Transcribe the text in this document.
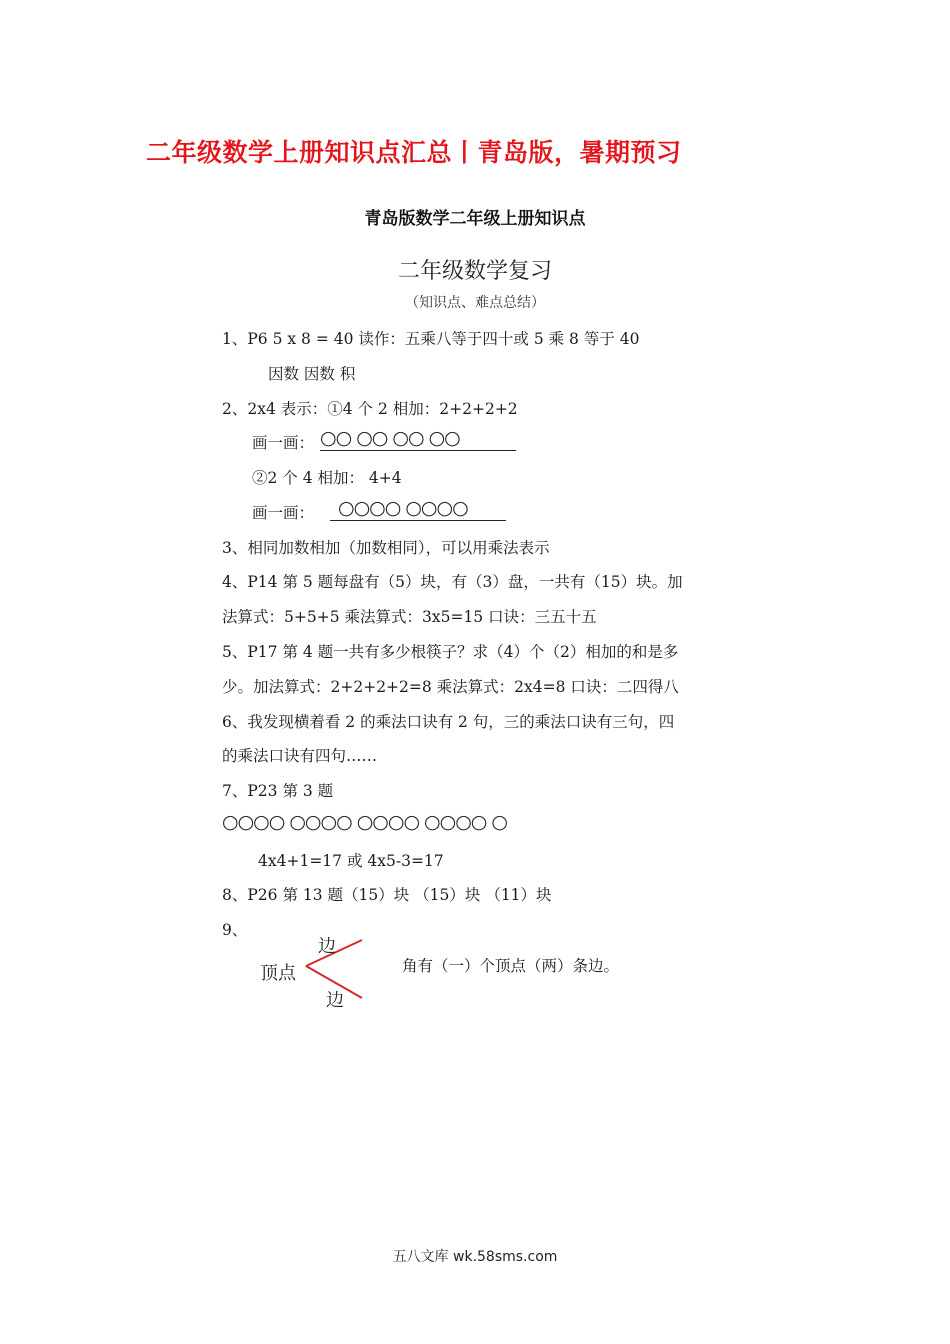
二年级数学上册知识点汇总丨青岛版，暑期预习
青岛版数学二年级上册知识点
二年级数学复习
（知识点、难点总结）
1、P6 5 x 8 = 40 读作：五乘八等于四十或 5 乘 8 等于 40
因数 因数 积
2、2x4 表示：①4 个 2 相加：2+2+2+2
画一画： ○○ ○○ ○○ ○○
②2 个 4 相加： 4+4
画一画：	○○○○ ○○○○
3、相同加数相加（加数相同），可以用乘法表示
4、P14 第 5 题每盘有（5）块，有（3）盘，一共有（15）块。加
法算式：5+5+5 乘法算式：3x5=15 口诀：三五十五
5、P17 第 4 题一共有多少根筷子？求（4）个（2）相加的和是多
少。加法算式：2+2+2+2=8 乘法算式：2x4=8 口诀：二四得八
6、我发现横着看 2 的乘法口诀有 2 句，三的乘法口诀有三句，四
的乘法口诀有四句……
7、P23 第 3 题
○○○○ ○○○○ ○○○○ ○○○○ ○
4x4+1=17 或 4x5-3=17
8、P26 第 13 题（15）块 （15）块 （11）块
9、
顶点
边
边
角有（一）个顶点（两）条边。
五八文库 wk.58sms.com
